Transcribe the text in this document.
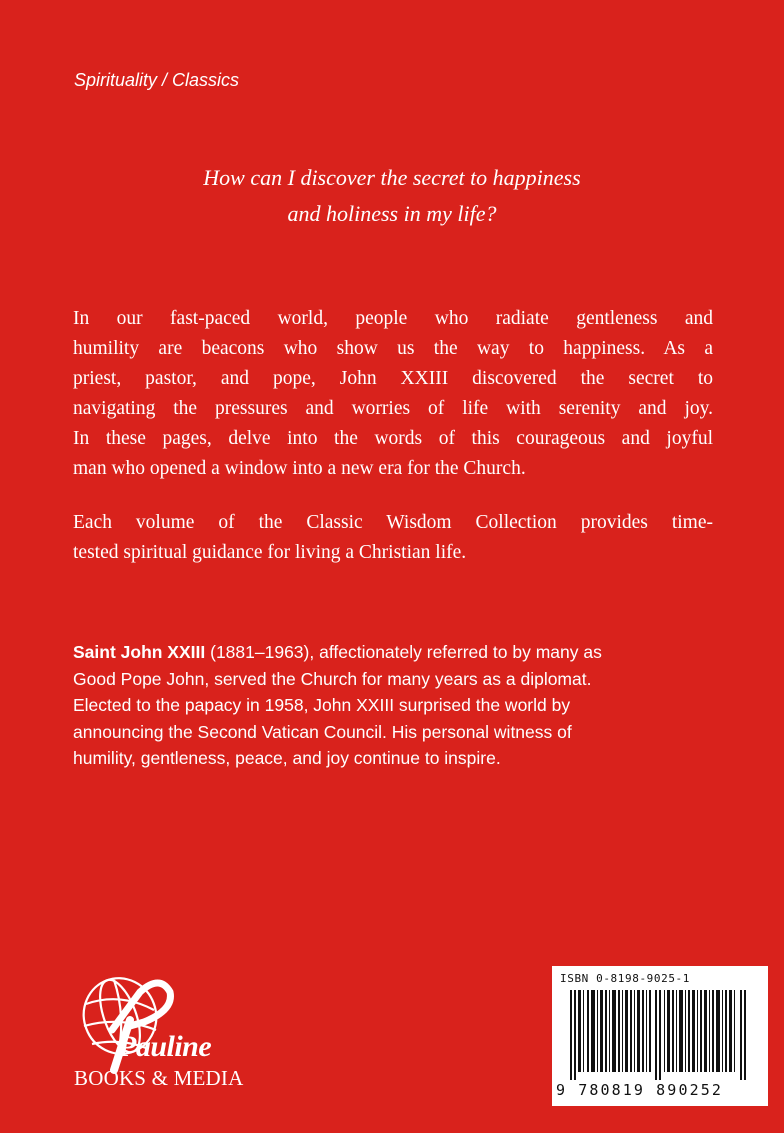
Spirituality / Classics
How can I discover the secret to happiness
and holiness in my life?
In our fast-paced world, people who radiate gentleness and
humility are beacons who show us the way to happiness. As a
priest, pastor, and pope, John XXIII discovered the secret to
navigating the pressures and worries of life with serenity and joy.
In these pages, delve into the words of this courageous and joyful
man who opened a window into a new era for the Church.
Each volume of the Classic Wisdom Collection provides time-
tested spiritual guidance for living a Christian life.
Saint John XXIII (1881–1963), affectionately referred to by many as
Good Pope John, served the Church for many years as a diplomat.
Elected to the papacy in 1958, John XXIII surprised the world by
announcing the Second Vatican Council. His personal witness of
humility, gentleness, peace, and joy continue to inspire.
Pauline
BOOKS & MEDIA
ISBN 0-8198-9025-1
9 780819 890252
